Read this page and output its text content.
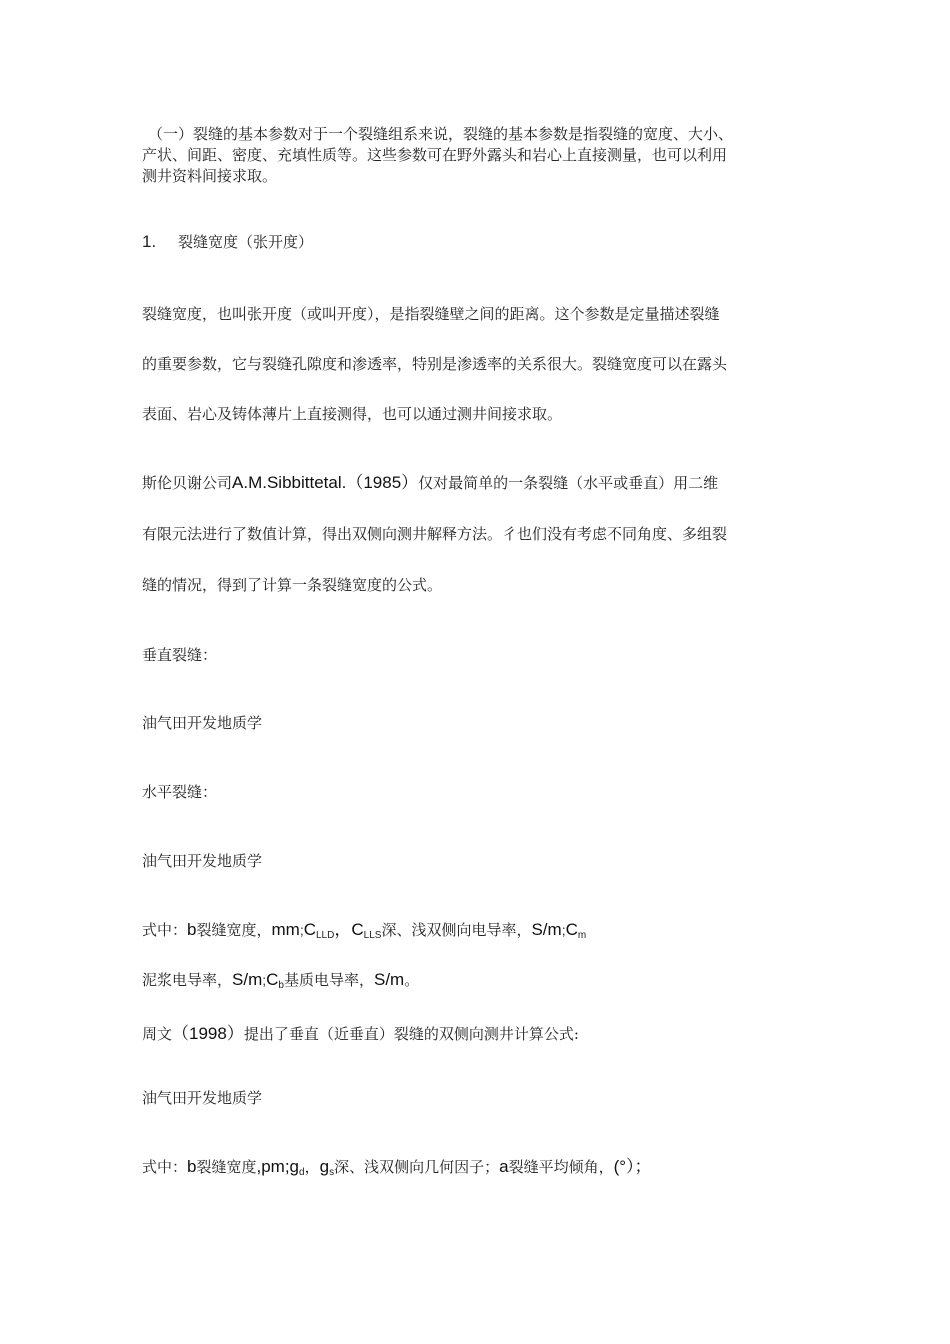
（一）裂缝的基本参数对于一个裂缝组系来说，裂缝的基本参数是指裂缝的宽度、大小、
产状、间距、密度、充填性质等。这些参数可在野外露头和岩心上直接测量，也可以利用
测井资料间接求取。
1. 裂缝宽度（张开度）
裂缝宽度，也叫张开度（或叫开度），是指裂缝壁之间的距离。这个参数是定量描述裂缝
的重要参数，它与裂缝孔隙度和渗透率，特别是渗透率的关系很大。裂缝宽度可以在露头
表面、岩心及铸体薄片上直接测得，也可以通过测井间接求取。
斯伦贝谢公司A.M.Sibbittetal.（1985）仅对最简单的一条裂缝（水平或垂直）用二维
有限元法进行了数值计算，得出双侧向测井解释方法。彳也们没有考虑不同角度、多组裂
缝的情况，得到了计算一条裂缝宽度的公式。
垂直裂缝：
油气田开发地质学
水平裂缝：
油气田开发地质学
式中：b裂缝宽度，$mm;C_{LLD}$，$C_{LLS}$深、浅双侧向电导率，$S/m;C_m$
泥浆电导率，$S/m;C_b$基质电导率，S/m。
周文（1998）提出了垂直（近垂直）裂缝的双侧向测井计算公式:
油气田开发地质学
式中：b裂缝宽度$,pm;g_d$，$g_s$深、浅双侧向几何因子；a裂缝平均倾角，(°）；
